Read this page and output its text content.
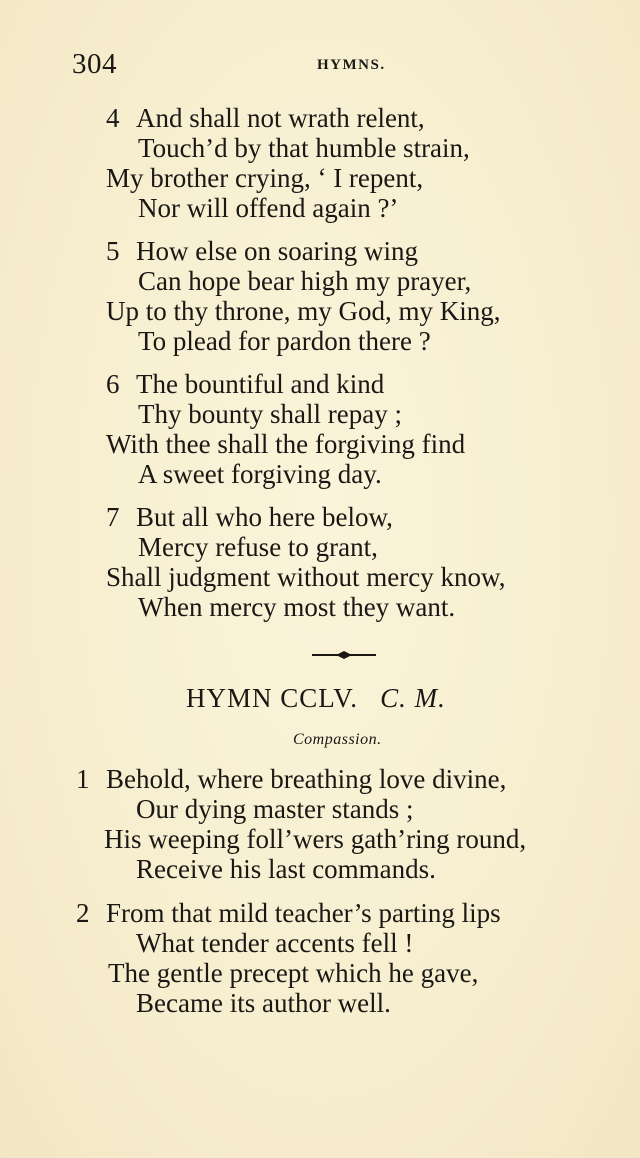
304	HYMNS.
4 And shall not wrath relent,
Touch’d by that humble strain,
My brother crying, ‘ I repent,
Nor will offend again ?’
5 How else on soaring wing
Can hope bear high my prayer,
Up to thy throne, my God, my King,
To plead for pardon there ?
6 The bountiful and kind
Thy bounty shall repay ;
With thee shall the forgiving find
A sweet forgiving day.
7 But all who here below,
Mercy refuse to grant,
Shall judgment without mercy know,
When mercy most they want.
HYMN CCLV. C. M.
Compassion.
1 Behold, where breathing love divine,
Our dying master stands ;
His weeping foll’wers gath’ring round,
Receive his last commands.
2 From that mild teacher’s parting lips
What tender accents fell !
The gentle precept which he gave,
Became its author well.
